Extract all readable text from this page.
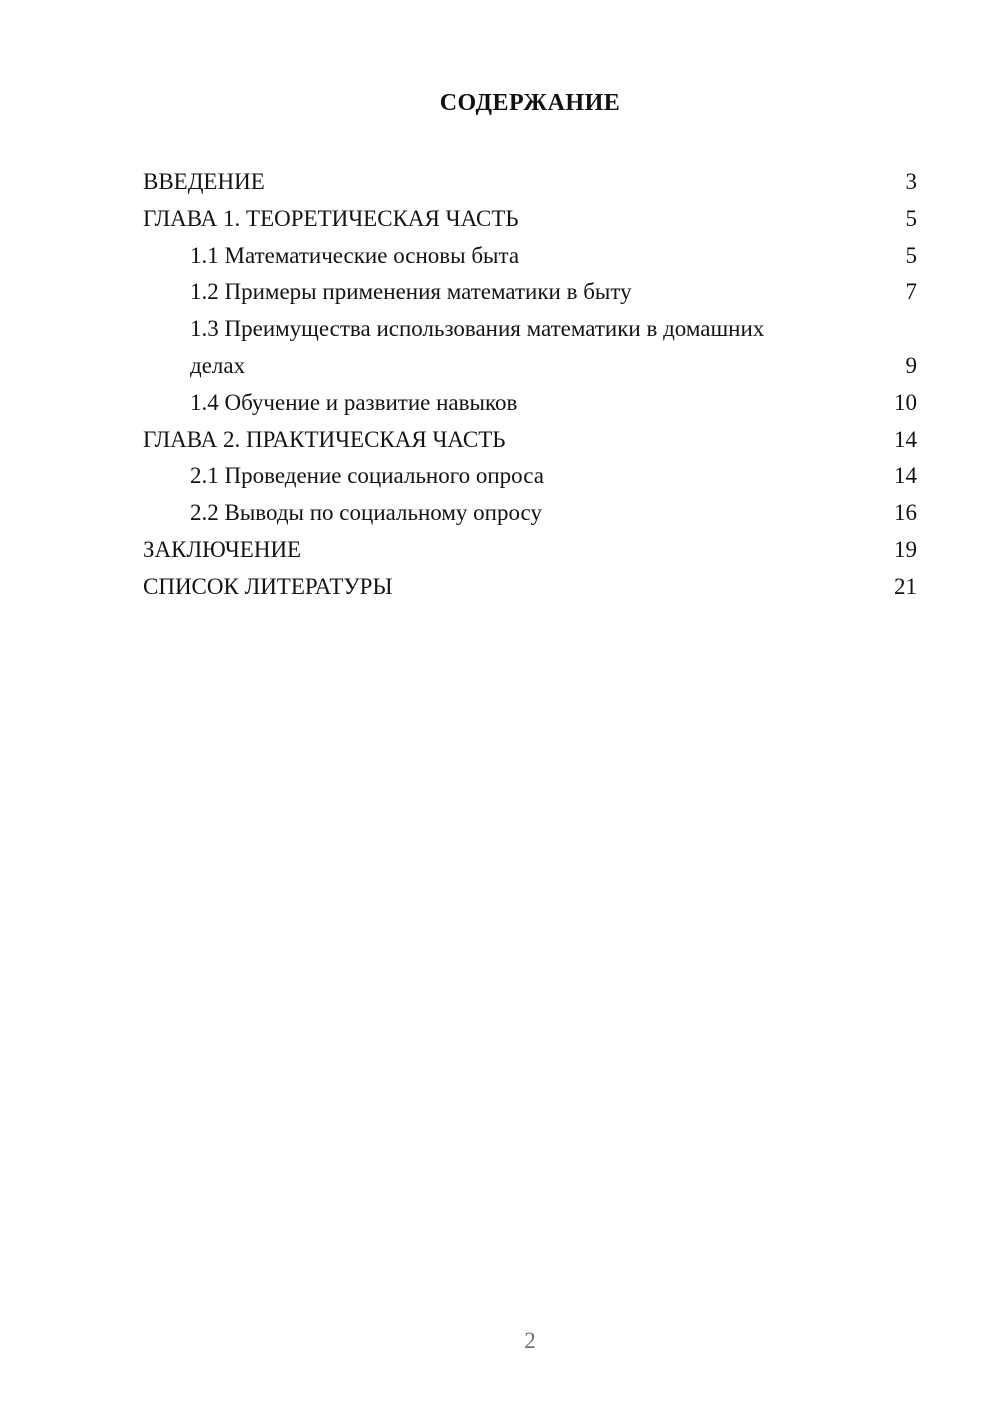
СОДЕРЖАНИЕ
ВВЕДЕНИЕ	3
ГЛАВА 1. ТЕОРЕТИЧЕСКАЯ ЧАСТЬ	5
1.1 Математические основы быта	5
1.2 Примеры применения математики в быту	7
1.3 Преимущества использования математики в домашних делах	9
1.4 Обучение и развитие навыков	10
ГЛАВА 2. ПРАКТИЧЕСКАЯ ЧАСТЬ	14
2.1 Проведение социального опроса	14
2.2 Выводы по социальному опросу	16
ЗАКЛЮЧЕНИЕ	19
СПИСОК ЛИТЕРАТУРЫ	21
2
